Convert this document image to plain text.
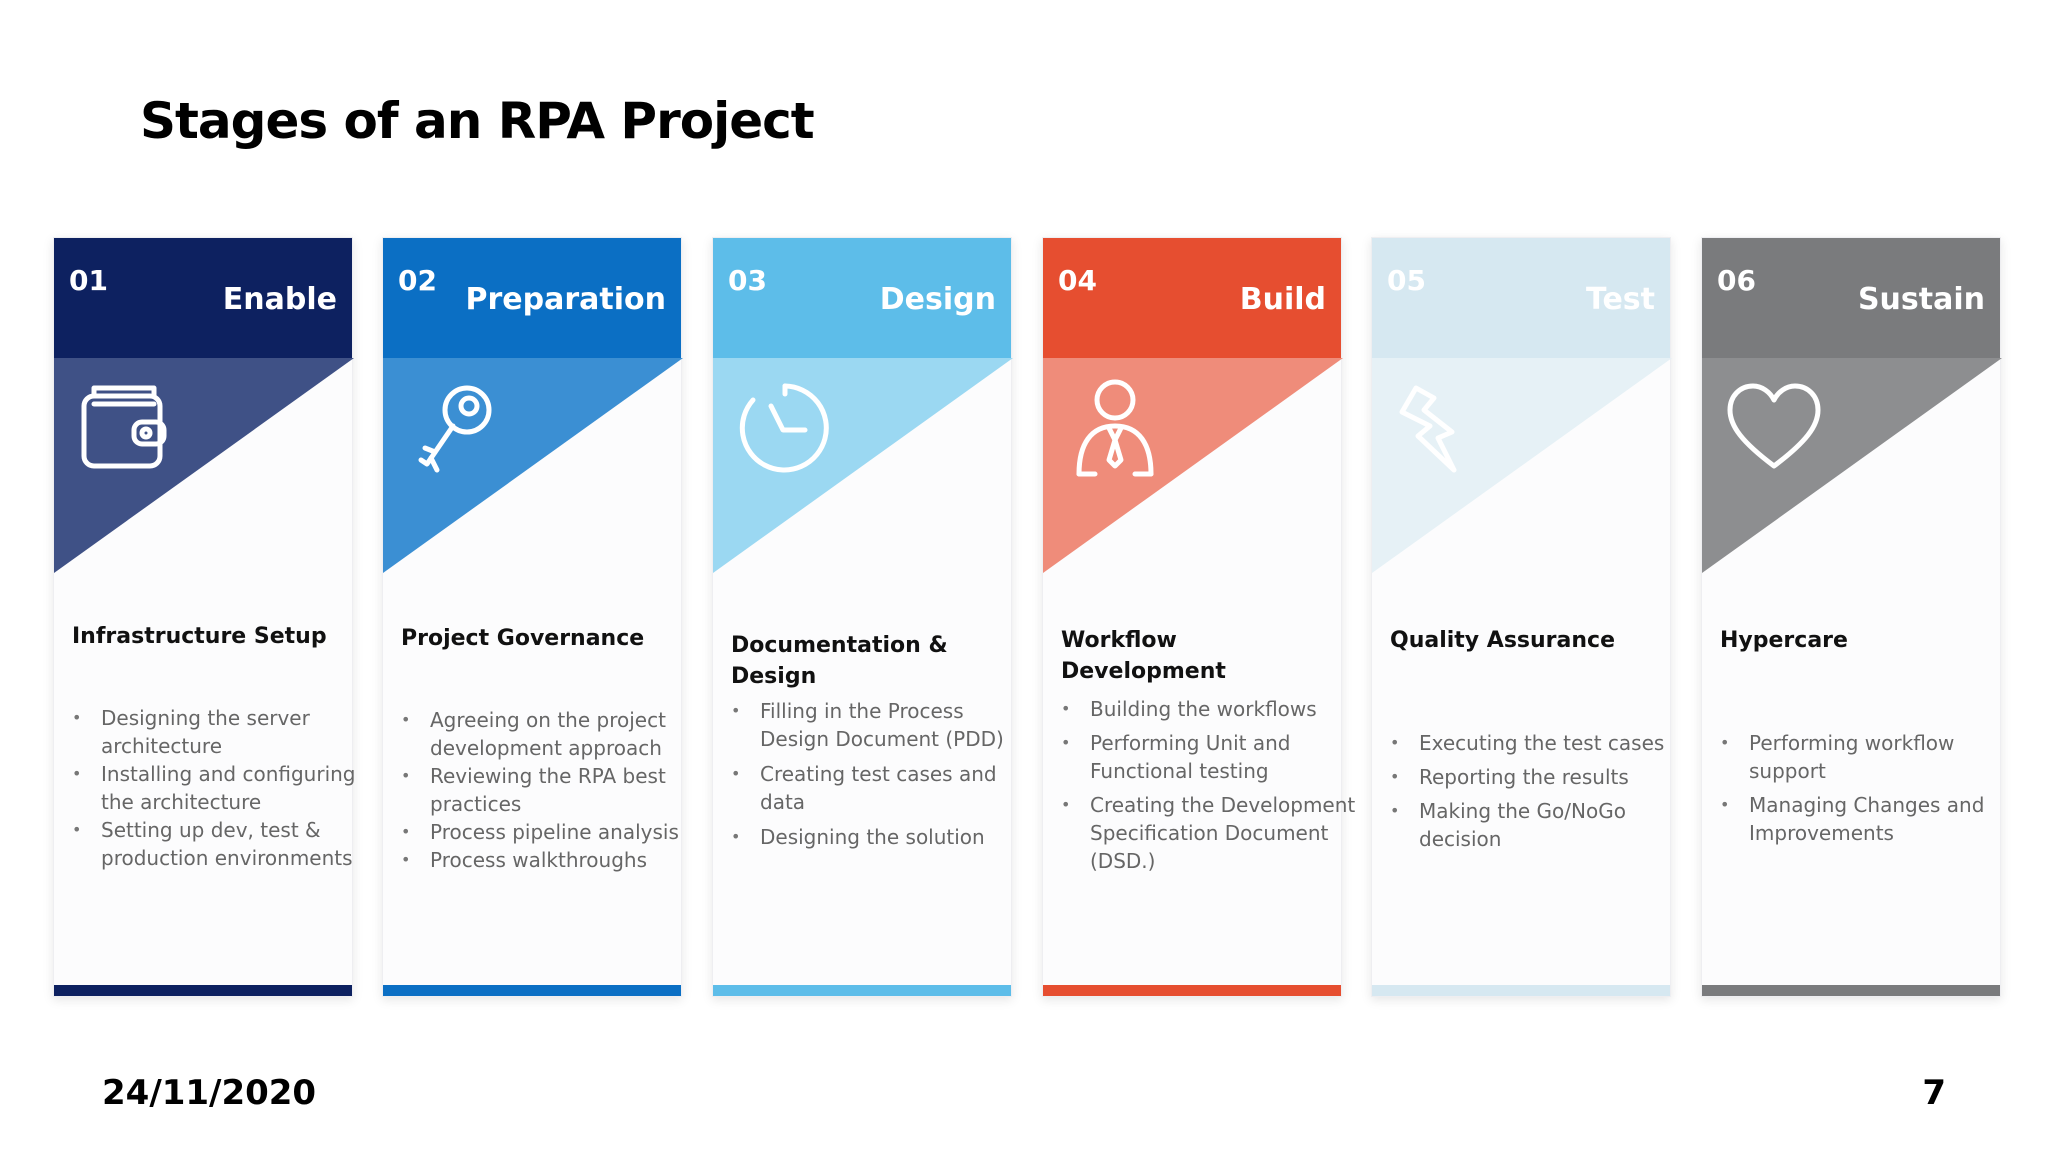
Stages of an RPA Project
01
Enable
Infrastructure Setup
• Designing the server architecture
• Installing and configuring the architecture
• Setting up dev, test & production environments
02
Preparation
Project Governance
• Agreeing on the project development approach
• Reviewing the RPA best practices
• Process pipeline analysis
• Process walkthroughs
03
Design
Documentation & Design
• Filling in the Process Design Document (PDD)
• Creating test cases and data
• Designing the solution
04
Build
Workflow Development
• Building the workflows
• Performing Unit and Functional testing
• Creating the Development Specification Document (DSD.)
05
Test
Quality Assurance
• Executing the test cases
• Reporting the results
• Making the Go/NoGo decision
06
Sustain
Hypercare
• Performing workflow support
• Managing Changes and Improvements
24/11/2020	7
